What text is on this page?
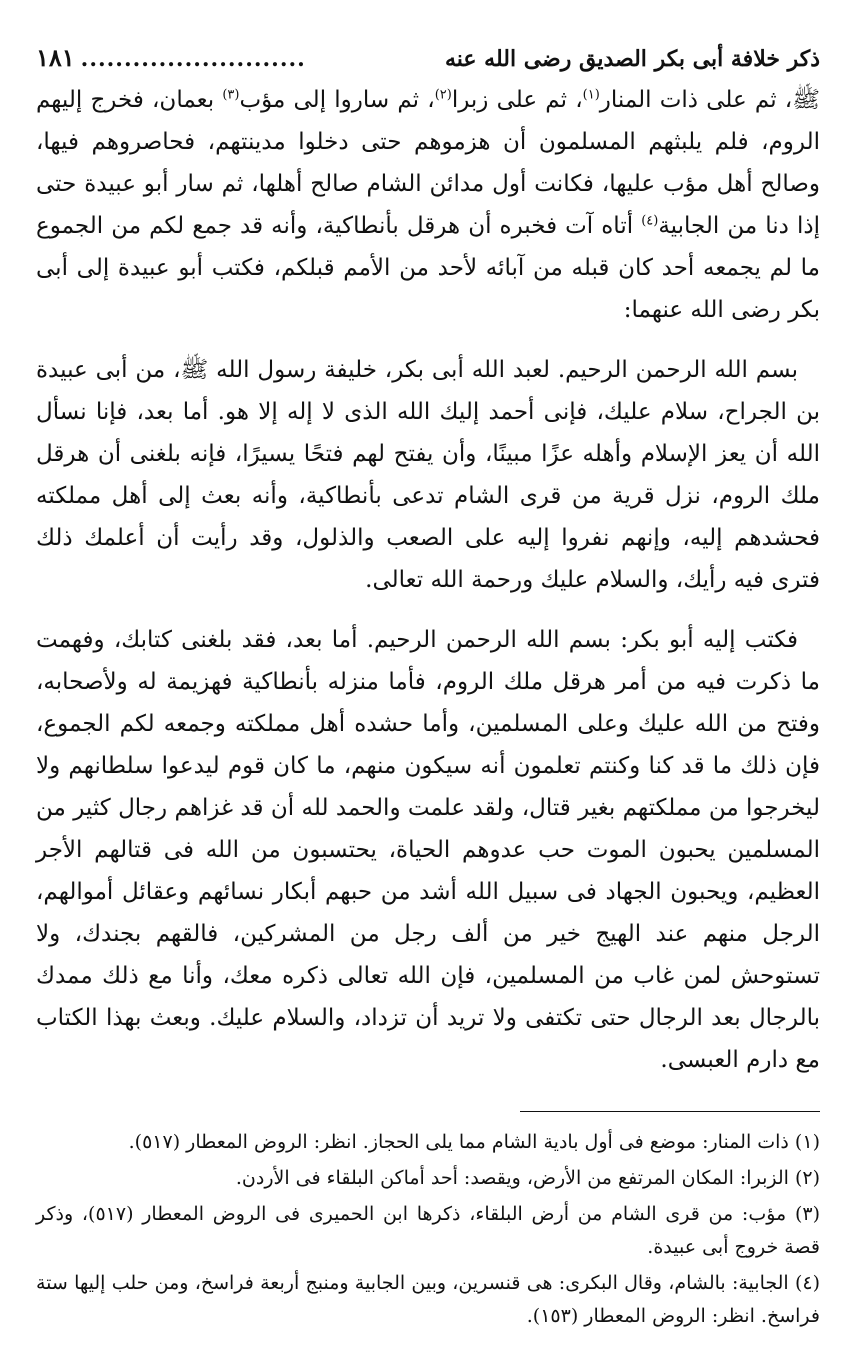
ذكر خلافة أبى بكر الصديق رضى الله عنه
..........................
١٨١

ﷺ، ثم على ذات المنار$^{(١)}$، ثم على زبرا$^{(٢)}$، ثم ساروا إلى مؤب$^{(٣)}$ بعمان، فخرج إليهم الروم، فلم يلبثهم المسلمون أن هزموهم حتى دخلوا مدينتهم، فحاصروهم فيها، وصالح أهل مؤب عليها، فكانت أول مدائن الشام صالح أهلها، ثم سار أبو عبيدة حتى إذا دنا من الجابية$^{(٤)}$ أتاه آت فخبره أن هرقل بأنطاكية، وأنه قد جمع لكم من الجموع ما لم يجمعه أحد كان قبله من آبائه لأحد من الأمم قبلكم، فكتب أبو عبيدة إلى أبى بكر رضى الله عنهما:

بسم الله الرحمن الرحيم. لعبد الله أبى بكر، خليفة رسول الله ﷺ، من أبى عبيدة بن الجراح، سلام عليك، فإنى أحمد إليك الله الذى لا إله إلا هو. أما بعد، فإنا نسأل الله أن يعز الإسلام وأهله عزًا مبينًا، وأن يفتح لهم فتحًا يسيرًا، فإنه بلغنى أن هرقل ملك الروم، نزل قرية من قرى الشام تدعى بأنطاكية، وأنه بعث إلى أهل مملكته فحشدهم إليه، وإنهم نفروا إليه على الصعب والذلول، وقد رأيت أن أعلمك ذلك فترى فيه رأيك، والسلام عليك ورحمة الله تعالى.

فكتب إليه أبو بكر: بسم الله الرحمن الرحيم. أما بعد، فقد بلغنى كتابك، وفهمت ما ذكرت فيه من أمر هرقل ملك الروم، فأما منزله بأنطاكية فهزيمة له ولأصحابه، وفتح من الله عليك وعلى المسلمين، وأما حشده أهل مملكته وجمعه لكم الجموع، فإن ذلك ما قد كنا وكنتم تعلمون أنه سيكون منهم، ما كان قوم ليدعوا سلطانهم ولا ليخرجوا من مملكتهم بغير قتال، ولقد علمت والحمد لله أن قد غزاهم رجال كثير من المسلمين يحبون الموت حب عدوهم الحياة، يحتسبون من الله فى قتالهم الأجر العظيم، ويحبون الجهاد فى سبيل الله أشد من حبهم أبكار نسائهم وعقائل أموالهم، الرجل منهم عند الهيج خير من ألف رجل من المشركين، فالقهم بجندك، ولا تستوحش لمن غاب من المسلمين، فإن الله تعالى ذكره معك، وأنا مع ذلك ممدك بالرجال بعد الرجال حتى تكتفى ولا تريد أن تزداد، والسلام عليك. وبعث بهذا الكتاب مع دارم العبسى.

(١) ذات المنار: موضع فى أول بادية الشام مما يلى الحجاز. انظر: الروض المعطار (٥١٧).
(٢) الزبرا: المكان المرتفع من الأرض، ويقصد: أحد أماكن البلقاء فى الأردن.
(٣) مؤب: من قرى الشام من أرض البلقاء، ذكرها ابن الحميرى فى الروض المعطار (٥١٧)، وذكر قصة خروج أبى عبيدة.
(٤) الجابية: بالشام، وقال البكرى: هى قنسرين، وبين الجابية ومنبج أربعة فراسخ، ومن حلب إليها ستة فراسخ. انظر: الروض المعطار (١٥٣).
